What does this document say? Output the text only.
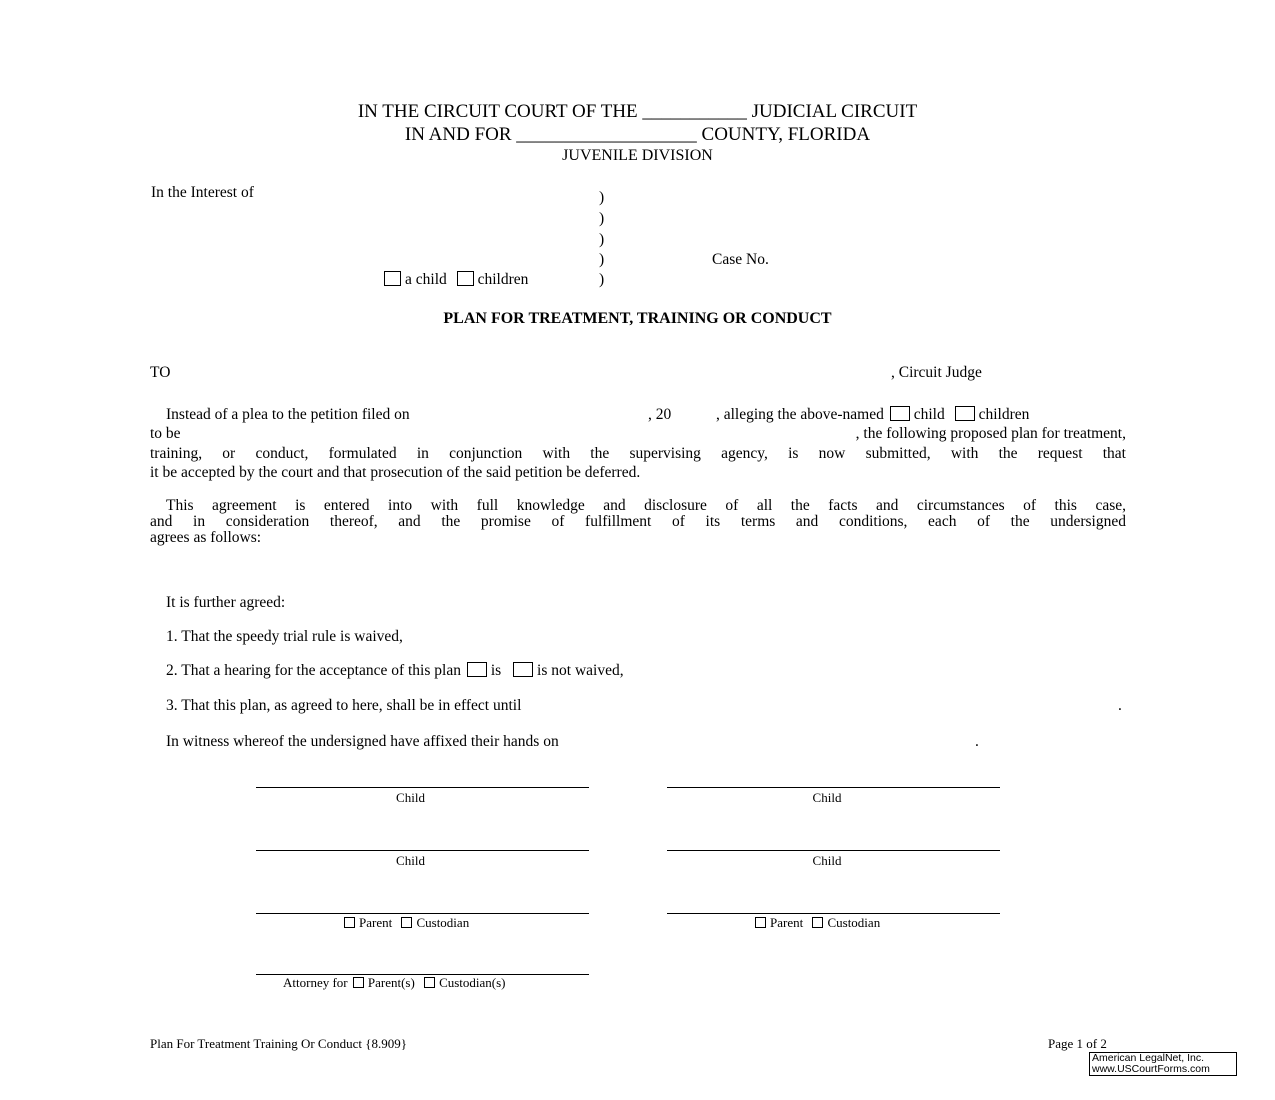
IN THE CIRCUIT COURT OF THE ___________ JUDICIAL CIRCUIT
IN AND FOR ___________________ COUNTY, FLORIDA
JUVENILE DIVISION
In the Interest of	)
)
)
)
)
Case No.
a child children
PLAN FOR TREATMENT, TRAINING OR CONDUCT
TO	, Circuit Judge
Instead of a plea to the petition filed on	, 20	, alleging the above-named child children
to be	, the following proposed plan for treatment,
training, or conduct, formulated in conjunction with the supervising agency, is now submitted, with the request that
it be accepted by the court and that prosecution of the said petition be deferred.
This agreement is entered into with full knowledge and disclosure of all the facts and circumstances of this case,
and in consideration thereof, and the promise of fulfillment of its terms and conditions, each of the undersigned
agrees as follows:
It is further agreed:
1. That the speedy trial rule is waived,
2. That a hearing for the acceptance of this plan is is not waived,
3. That this plan, as agreed to here, shall be in effect until	.
In witness whereof the undersigned have affixed their hands on	.
Child	Child
Child	Child
Parent Custodian	Parent Custodian
Attorney for Parent(s) Custodian(s)
Plan For Treatment Training Or Conduct {8.909}	Page 1 of 2
American LegalNet, Inc.
www.USCourtForms.com
